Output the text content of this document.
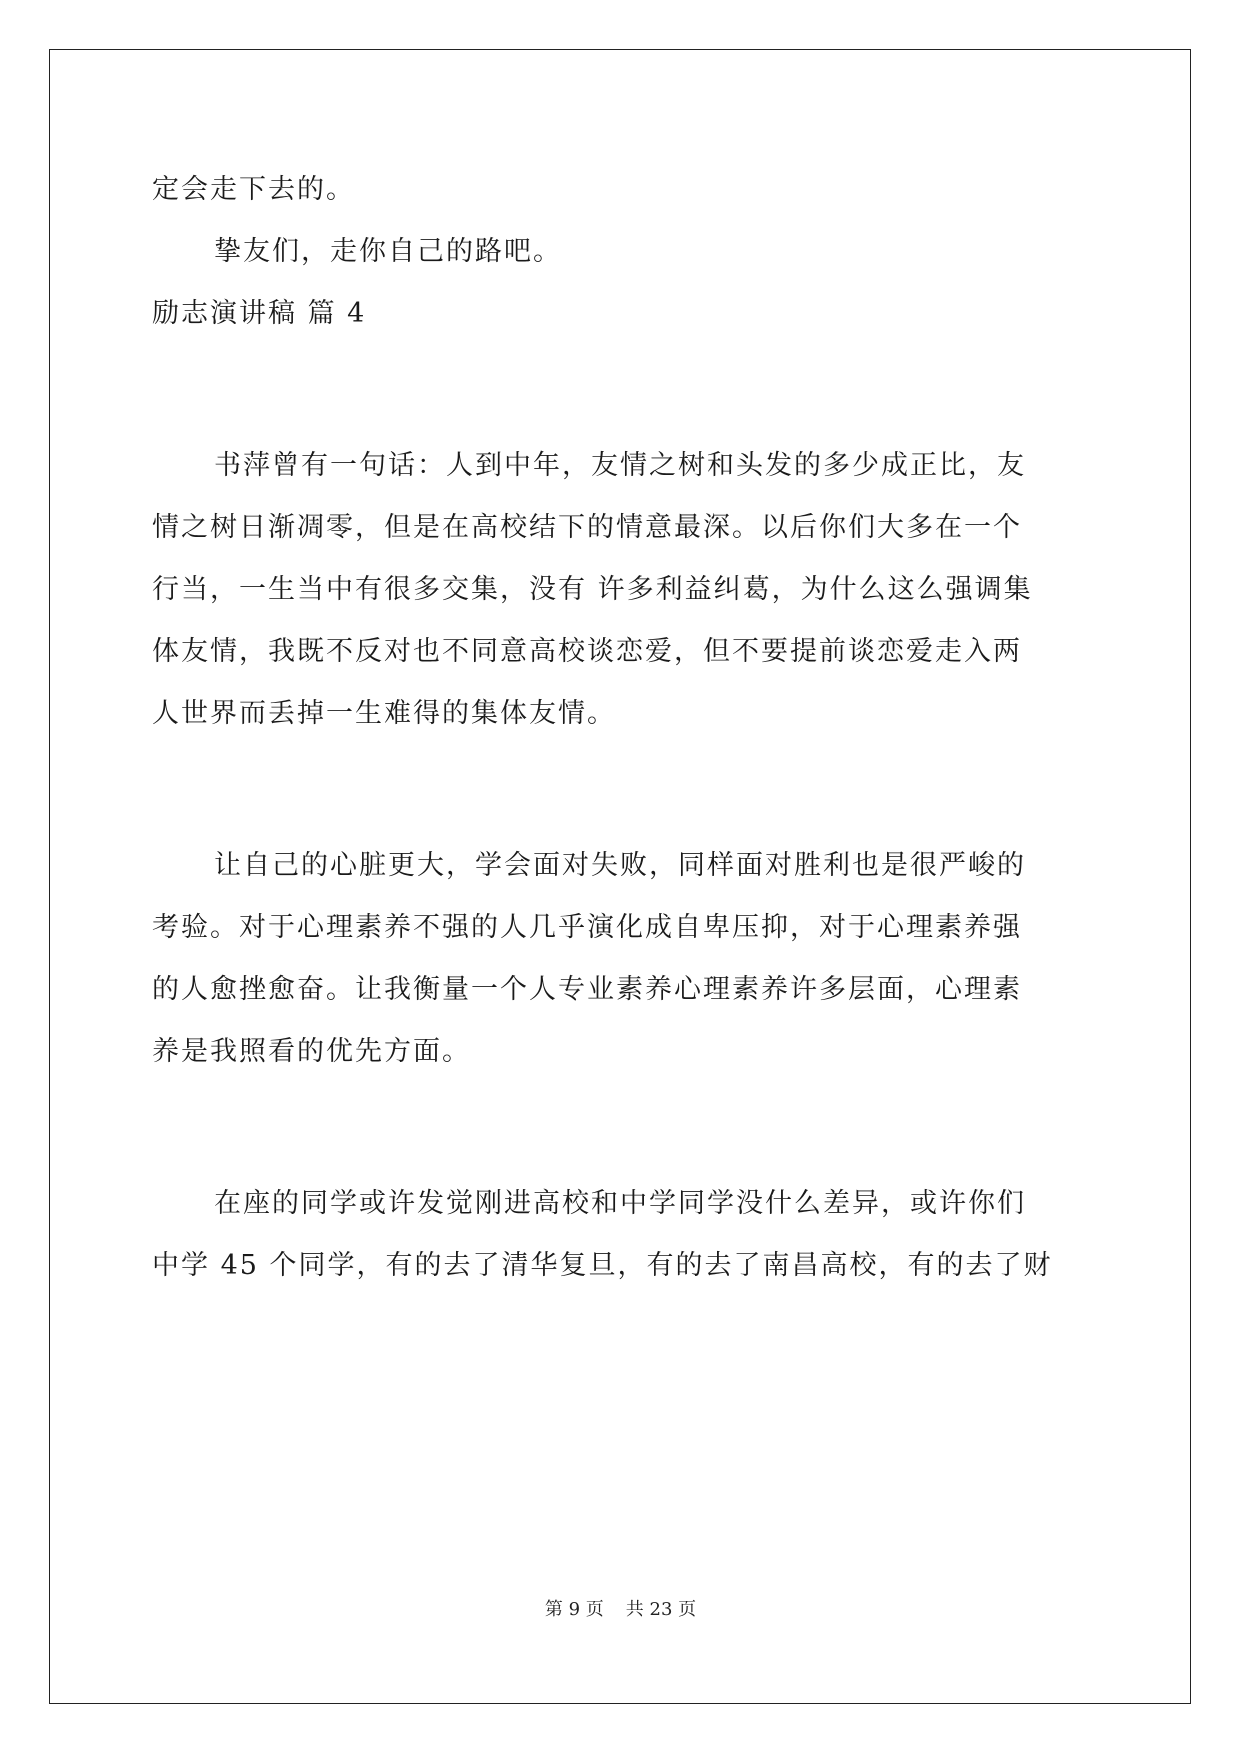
定会走下去的。
挚友们，走你自己的路吧。
励志演讲稿 篇 4
书萍曾有一句话：人到中年，友情之树和头发的多少成正比，友
情之树日渐凋零，但是在高校结下的情意最深。以后你们大多在一个
行当，一生当中有很多交集，没有 许多利益纠葛，为什么这么强调集
体友情，我既不反对也不同意高校谈恋爱，但不要提前谈恋爱走入两
人世界而丢掉一生难得的集体友情。
让自己的心脏更大，学会面对失败，同样面对胜利也是很严峻的
考验。对于心理素养不强的人几乎演化成自卑压抑，对于心理素养强
的人愈挫愈奋。让我衡量一个人专业素养心理素养许多层面，心理素
养是我照看的优先方面。
在座的同学或许发觉刚进高校和中学同学没什么差异，或许你们
中学 45 个同学，有的去了清华复旦，有的去了南昌高校，有的去了财
第 9 页 共 23 页
